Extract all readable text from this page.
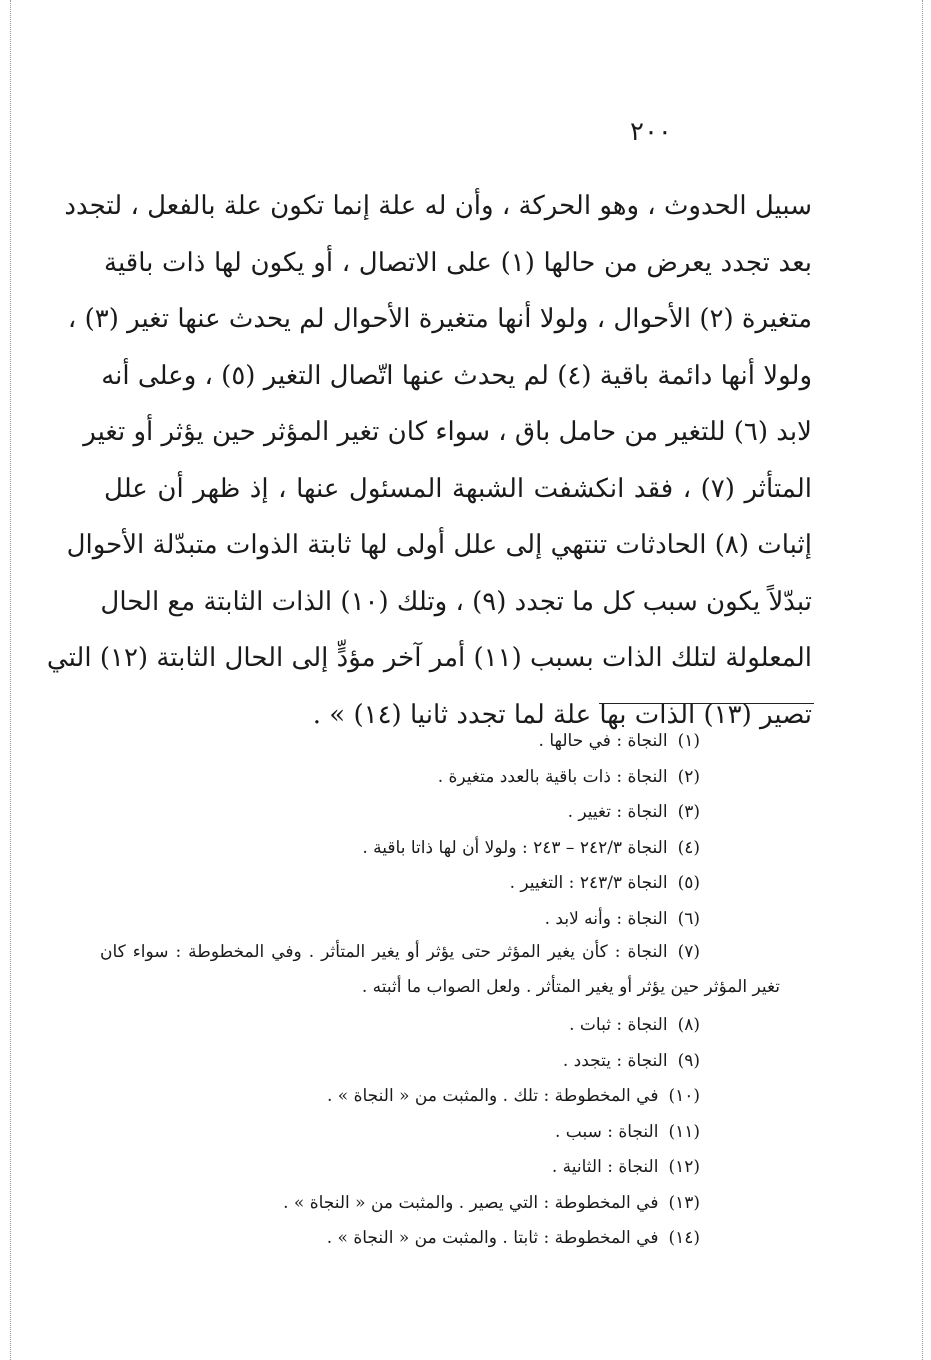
٢٠٠
سبيل الحدوث ، وهو الحركة ، وأن له علة إنما تكون علة بالفعل ، لتجدد
بعد تجدد يعرض من حالها (١) على الاتصال ، أو يكون لها ذات باقية
متغيرة (٢) الأحوال ، ولولا أنها متغيرة الأحوال لم يحدث عنها تغير (٣) ،
ولولا أنها دائمة باقية (٤) لم يحدث عنها اتّصال التغير (٥) ، وعلى أنه
لابد (٦) للتغير من حامل باق ، سواء كان تغير المؤثر حين يؤثر أو تغير
المتأثر (٧) ، فقد انكشفت الشبهة المسئول عنها ، إذ ظهر أن علل
إثبات (٨) الحادثات تنتهي إلى علل أولى لها ثابتة الذوات متبدّلة الأحوال
تبدّلاً يكون سبب كل ما تجدد (٩) ، وتلك (١٠) الذات الثابتة مع الحال
المعلولة لتلك الذات بسبب (١١) أمر آخر مؤدٍّ إلى الحال الثابتة (١٢) التي
تصير (١٣) الذات بها علة لما تجدد ثانيا (١٤) » .
(١)النجاة : في حالها .
(٢)النجاة : ذات باقية بالعدد متغيرة .
(٣)النجاة : تغيير .
(٤)النجاة ٢٤٢/٣ – ٢٤٣ : ولولا أن لها ذاتا باقية .
(٥)النجاة ٢٤٣/٣ : التغيير .
(٦)النجاة : وأنه لابد .
(٧)النجاة : كأن يغير المؤثر حتى يؤثر أو يغير المتأثر . وفي المخطوطة : سواء كان
تغير المؤثر حين يؤثر أو يغير المتأثر . ولعل الصواب ما أثبته .
(٨)النجاة : ثبات .
(٩)النجاة : يتجدد .
(١٠)في المخطوطة : تلك . والمثبت من « النجاة » .
(١١)النجاة : سبب .
(١٢)النجاة : الثانية .
(١٣)في المخطوطة : التي يصير . والمثبت من « النجاة » .
(١٤)في المخطوطة : ثابتا . والمثبت من « النجاة » .
